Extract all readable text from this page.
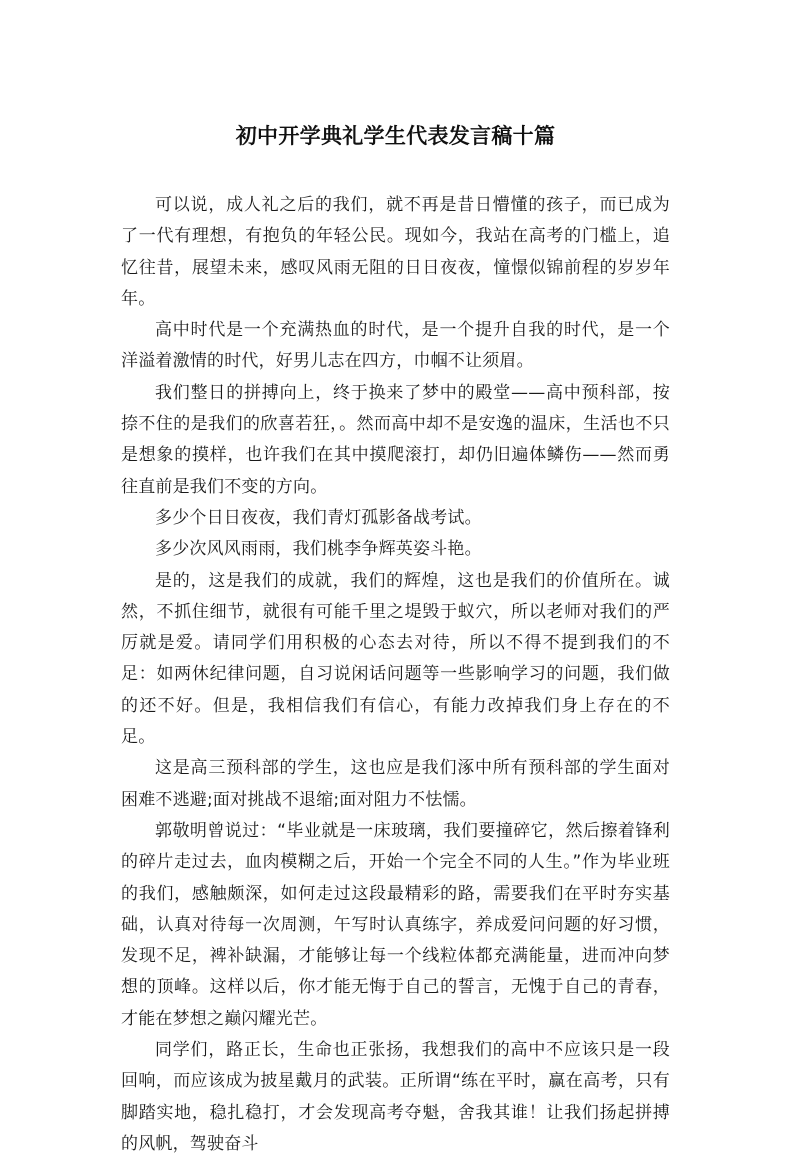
初中开学典礼学生代表发言稿十篇

可以说，成人礼之后的我们，就不再是昔日懵懂的孩子，而已成为了一代有理想，有抱负的年轻公民。现如今，我站在高考的门槛上，追忆往昔，展望未来，感叹风雨无阻的日日夜夜，憧憬似锦前程的岁岁年年。

高中时代是一个充满热血的时代，是一个提升自我的时代，是一个洋溢着激情的时代，好男儿志在四方，巾帼不让须眉。

我们整日的拼搏向上，终于换来了梦中的殿堂——高中预科部，按捺不住的是我们的欣喜若狂，。然而高中却不是安逸的温床，生活也不只是想象的摸样，也许我们在其中摸爬滚打，却仍旧遍体鳞伤——然而勇往直前是我们不变的方向。

多少个日日夜夜，我们青灯孤影备战考试。

多少次风风雨雨，我们桃李争辉英姿斗艳。

是的，这是我们的成就，我们的辉煌，这也是我们的价值所在。诚然，不抓住细节，就很有可能千里之堤毁于蚁穴，所以老师对我们的严厉就是爱。请同学们用积极的心态去对待，所以不得不提到我们的不足：如两休纪律问题，自习说闲话问题等一些影响学习的问题，我们做的还不好。但是，我相信我们有信心，有能力改掉我们身上存在的不足。

这是高三预科部的学生，这也应是我们涿中所有预科部的学生面对困难不逃避;面对挑战不退缩;面对阻力不怯懦。

郭敬明曾说过：“毕业就是一床玻璃，我们要撞碎它，然后擦着锋利的碎片走过去，血肉模糊之后，开始一个完全不同的人生。”作为毕业班的我们，感触颇深，如何走过这段最精彩的路，需要我们在平时夯实基础，认真对待每一次周测，午写时认真练字，养成爱问问题的好习惯，发现不足，裨补缺漏，才能够让每一个线粒体都充满能量，进而冲向梦想的顶峰。这样以后，你才能无悔于自己的誓言，无愧于自己的青春，才能在梦想之巅闪耀光芒。

同学们，路正长，生命也正张扬，我想我们的高中不应该只是一段回响，而应该成为披星戴月的武装。正所谓“练在平时，赢在高考，只有脚踏实地，稳扎稳打，才会发现高考夺魁，舍我其谁！让我们扬起拼搏的风帆，驾驶奋斗
